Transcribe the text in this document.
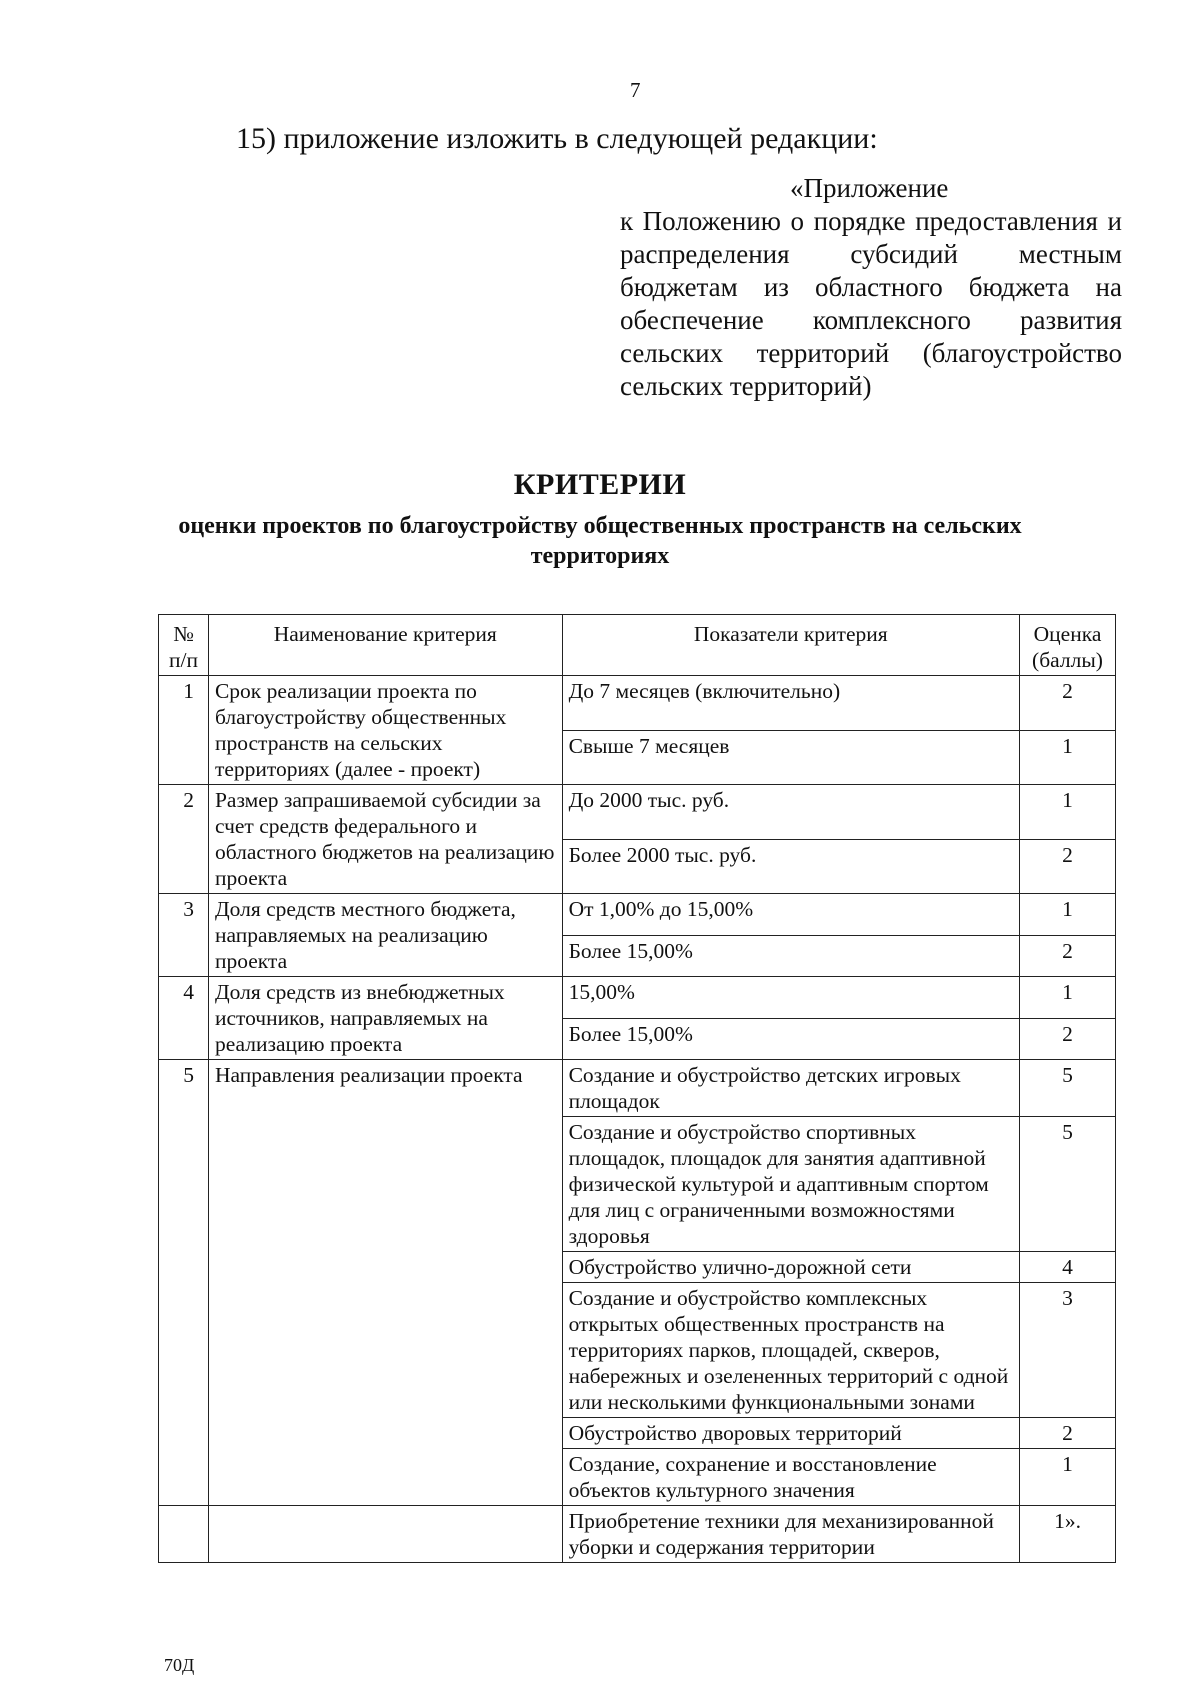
7
15) приложение изложить в следующей редакции:
«Приложение
к Положению о порядке предоставления и распределения субсидий местным бюджетам из областного бюджета на обеспечение комплексного развития сельских территорий (благоустройство сельских территорий)
КРИТЕРИИ
оценки проектов по благоустройству общественных пространств на сельских территориях
№ п/п	Наименование критерия	Показатели критерия	Оценка (баллы)
1	Срок реализации проекта по благоустройству общественных пространств на сельских территориях (далее - проект)	До 7 месяцев (включительно)	2
		Свыше 7 месяцев	1
2	Размер запрашиваемой субсидии за счет средств федерального и областного бюджетов на реализацию проекта	До 2000 тыс. руб.	1
		Более 2000 тыс. руб.	2
3	Доля средств местного бюджета, направляемых на реализацию проекта	От 1,00% до 15,00%	1
		Более 15,00%	2
4	Доля средств из внебюджетных источников, направляемых на реализацию проекта	15,00%	1
		Более 15,00%	2
5	Направления реализации проекта	Создание и обустройство детских игровых площадок	5
		Создание и обустройство спортивных площадок, площадок для занятия адаптивной физической культурой и адаптивным спортом для лиц с ограниченными возможностями здоровья	5
		Обустройство улично-дорожной сети	4
		Создание и обустройство комплексных открытых общественных пространств на территориях парков, площадей, скверов, набережных и озелененных территорий с одной или несколькими функциональными зонами	3
		Обустройство дворовых территорий	2
		Создание, сохранение и восстановление объектов культурного значения	1
		Приобретение техники для механизированной уборки и содержания территории	1».
70Д
